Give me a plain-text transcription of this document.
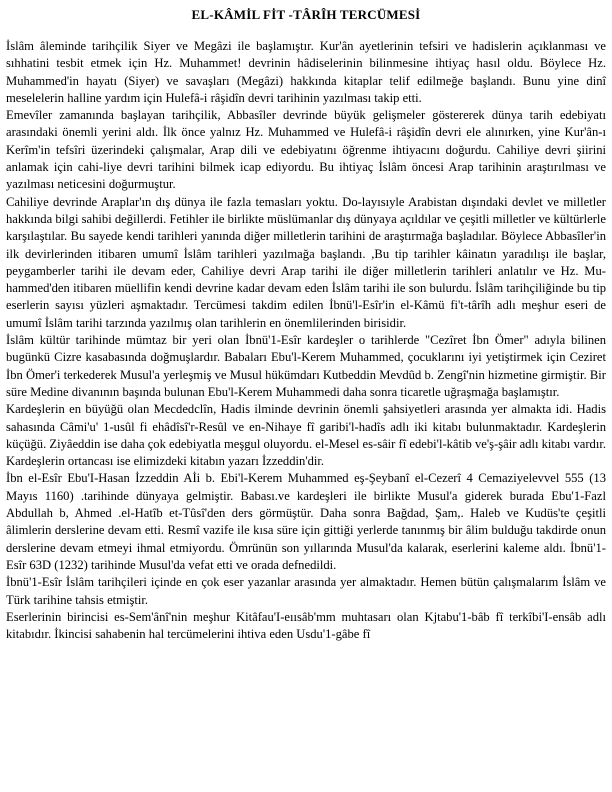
EL-KÂMİL FİT -TÂRÎH TERCÜMESİ

İslâm âleminde tarihçilik Siyer ve Megâzi ile başlamıştır. Kur'ân ayetlerinin tefsiri ve hadislerin açıklanması ve sıhhatini tesbit etmek için Hz. Muhammet! devrinin hâdiselerinin bilinmesine ihtiyaç hasıl oldu. Böylece Hz. Muhammed'in hayatı (Siyer) ve savaşları (Megâzi) hakkında kitaplar telif edilmeğe başlandı. Bunu yine dinî meselelerin halline yardım için Hulefâ-i râşidîn devri tarihinin yazılması takip etti.

Emevîler zamanında başlayan tarihçilik, Abbasîler devrinde büyük gelişmeler göstererek dünya tarih edebiyatı arasındaki önemli yerini aldı. İlk önce yalnız Hz. Muhammed ve Hulefâ-i râşidîn devri ele alınırken, yine Kur'ân-ı Kerîm'in tefsîri üzerindeki çalışmalar, Arap dili ve edebiyatını öğrenme ihtiyacını doğurdu. Cahiliye devri şiirini anlamak için cahi-liye devri tarihini bilmek icap ediyordu. Bu ihtiyaç İslâm öncesi Arap tarihinin araştırılması ve yazılması neticesini doğurmuştur.

Cahiliye devrinde Araplar'ın dış dünya ile fazla temasları yoktu. Do-layısıyle Arabistan dışındaki devlet ve milletler hakkında bilgi sahibi değillerdi. Fetihler ile birlikte müslümanlar dış dünyaya açıldılar ve çeşitli milletler ve kültürlerle karşılaştılar. Bu sayede kendi tarihleri yanında diğer milletlerin tarihini de araştırmağa başladılar. Böylece Abbasîler'in ilk devirlerinden itibaren umumî İslâm tarihleri yazılmağa başlandı. ,Bu tip tarihler kâinatın yaradılışı ile başlar, peygamberler tarihi ile devam eder, Cahiliye devri Arap tarihi ile diğer milletlerin tarihleri anlatılır ve Hz. Mu-hammed'den itibaren müellifin kendi devrine kadar devam eden İslâm tarihi ile son bulurdu. İslâm tarihçiliğinde bu tip eserlerin sayısı yüzleri aşmaktadır. Tercümesi takdim edilen İbnü'l-Esîr'in el-Kâmü fi't-târîh adlı meşhur eseri de umumî İslâm tarihi tarzında yazılmış olan tarihlerin en önemlilerinden birisidir.

İslâm kültür tarihinde mümtaz bir yeri olan İbnü'1-Esîr kardeşler o tarihlerde "Cezîret İbn Ömer" adıyla bilinen bugünkü Cizre kasabasında doğmuşlardır. Babaları Ebu'l-Kerem Muhammed, çocuklarını iyi yetiştirmek için Ceziret İbn Ömer'i terkederek Musul'a yerleşmiş ve Musul hükümdarı Kutbeddin Mevdûd b. Zengî'nin hizmetine girmiştir. Bir süre Medine divanının başında bulunan Ebu'l-Kerem Muhammedi daha sonra ticaretle uğraşmağa başlamıştır.

Kardeşlerin en büyüğü olan Mecdedclîn, Hadis ilminde devrinin önemli şahsiyetleri arasında yer almakta idi. Hadis sahasında Câmi'u' 1-usûl fi ehâdîsî'r-Resûl ve en-Nihaye fî garibi'l-hadîs adlı iki kitabı bulunmaktadır. Kardeşlerin küçüğü. Ziyâeddin ise daha çok edebiyatla meşgul oluyordu. el-Mesel es-sâir fî edebi'l-kâtib ve'ş-şâir adlı kitabı vardır. Kardeşlerin ortancası ise elimizdeki kitabın yazarı İzzeddin'dir.

İbn el-Esîr Ebu'I-Hasan İzzeddin Aİi b. Ebi'l-Kerem Muhammed eş-Şeybanî el-Cezerî 4 Cemaziyelevvel 555 (13 Mayıs 1160) .tarihinde dünyaya gelmiştir. Babası.ve kardeşleri ile birlikte Musul'a giderek burada Ebu'1-Fazl Abdullah b, Ahmed .el-Hatîb et-Tûsî'den ders görmüştür. Daha sonra Bağdad, Şam,. Haleb ve Kudüs'te çeşitli âlimlerin derslerine devam etti. Resmî vazife ile kısa süre için gittiği yerlerde tanınmış bir âlim bulduğu takdirde onun derslerine devam etmeyi ihmal etmiyordu. Ömrünün son yıllarında Musul'da kalarak, eserlerini kaleme aldı. İbnü'1-Esîr 63D (1232) tarihinde Musul'da vefat etti ve orada defnedildi.

İbnü'1-Esîr İslâm tarihçileri içinde en çok eser yazanlar arasında yer almaktadır. Hemen bütün çalışmalarım İslâm ve Türk tarihine tahsis etmiştir.

Eserlerinin birincisi es-Sem'ânî'nin meşhur Kitâfau'I-eıısâb'mm muhtasarı olan Kjtabu'1-bâb fî terkîbi'I-ensâb adlı kitabıdır. İkincisi sahabenin hal tercümelerini ihtiva eden Usdu'1-gâbe fî
